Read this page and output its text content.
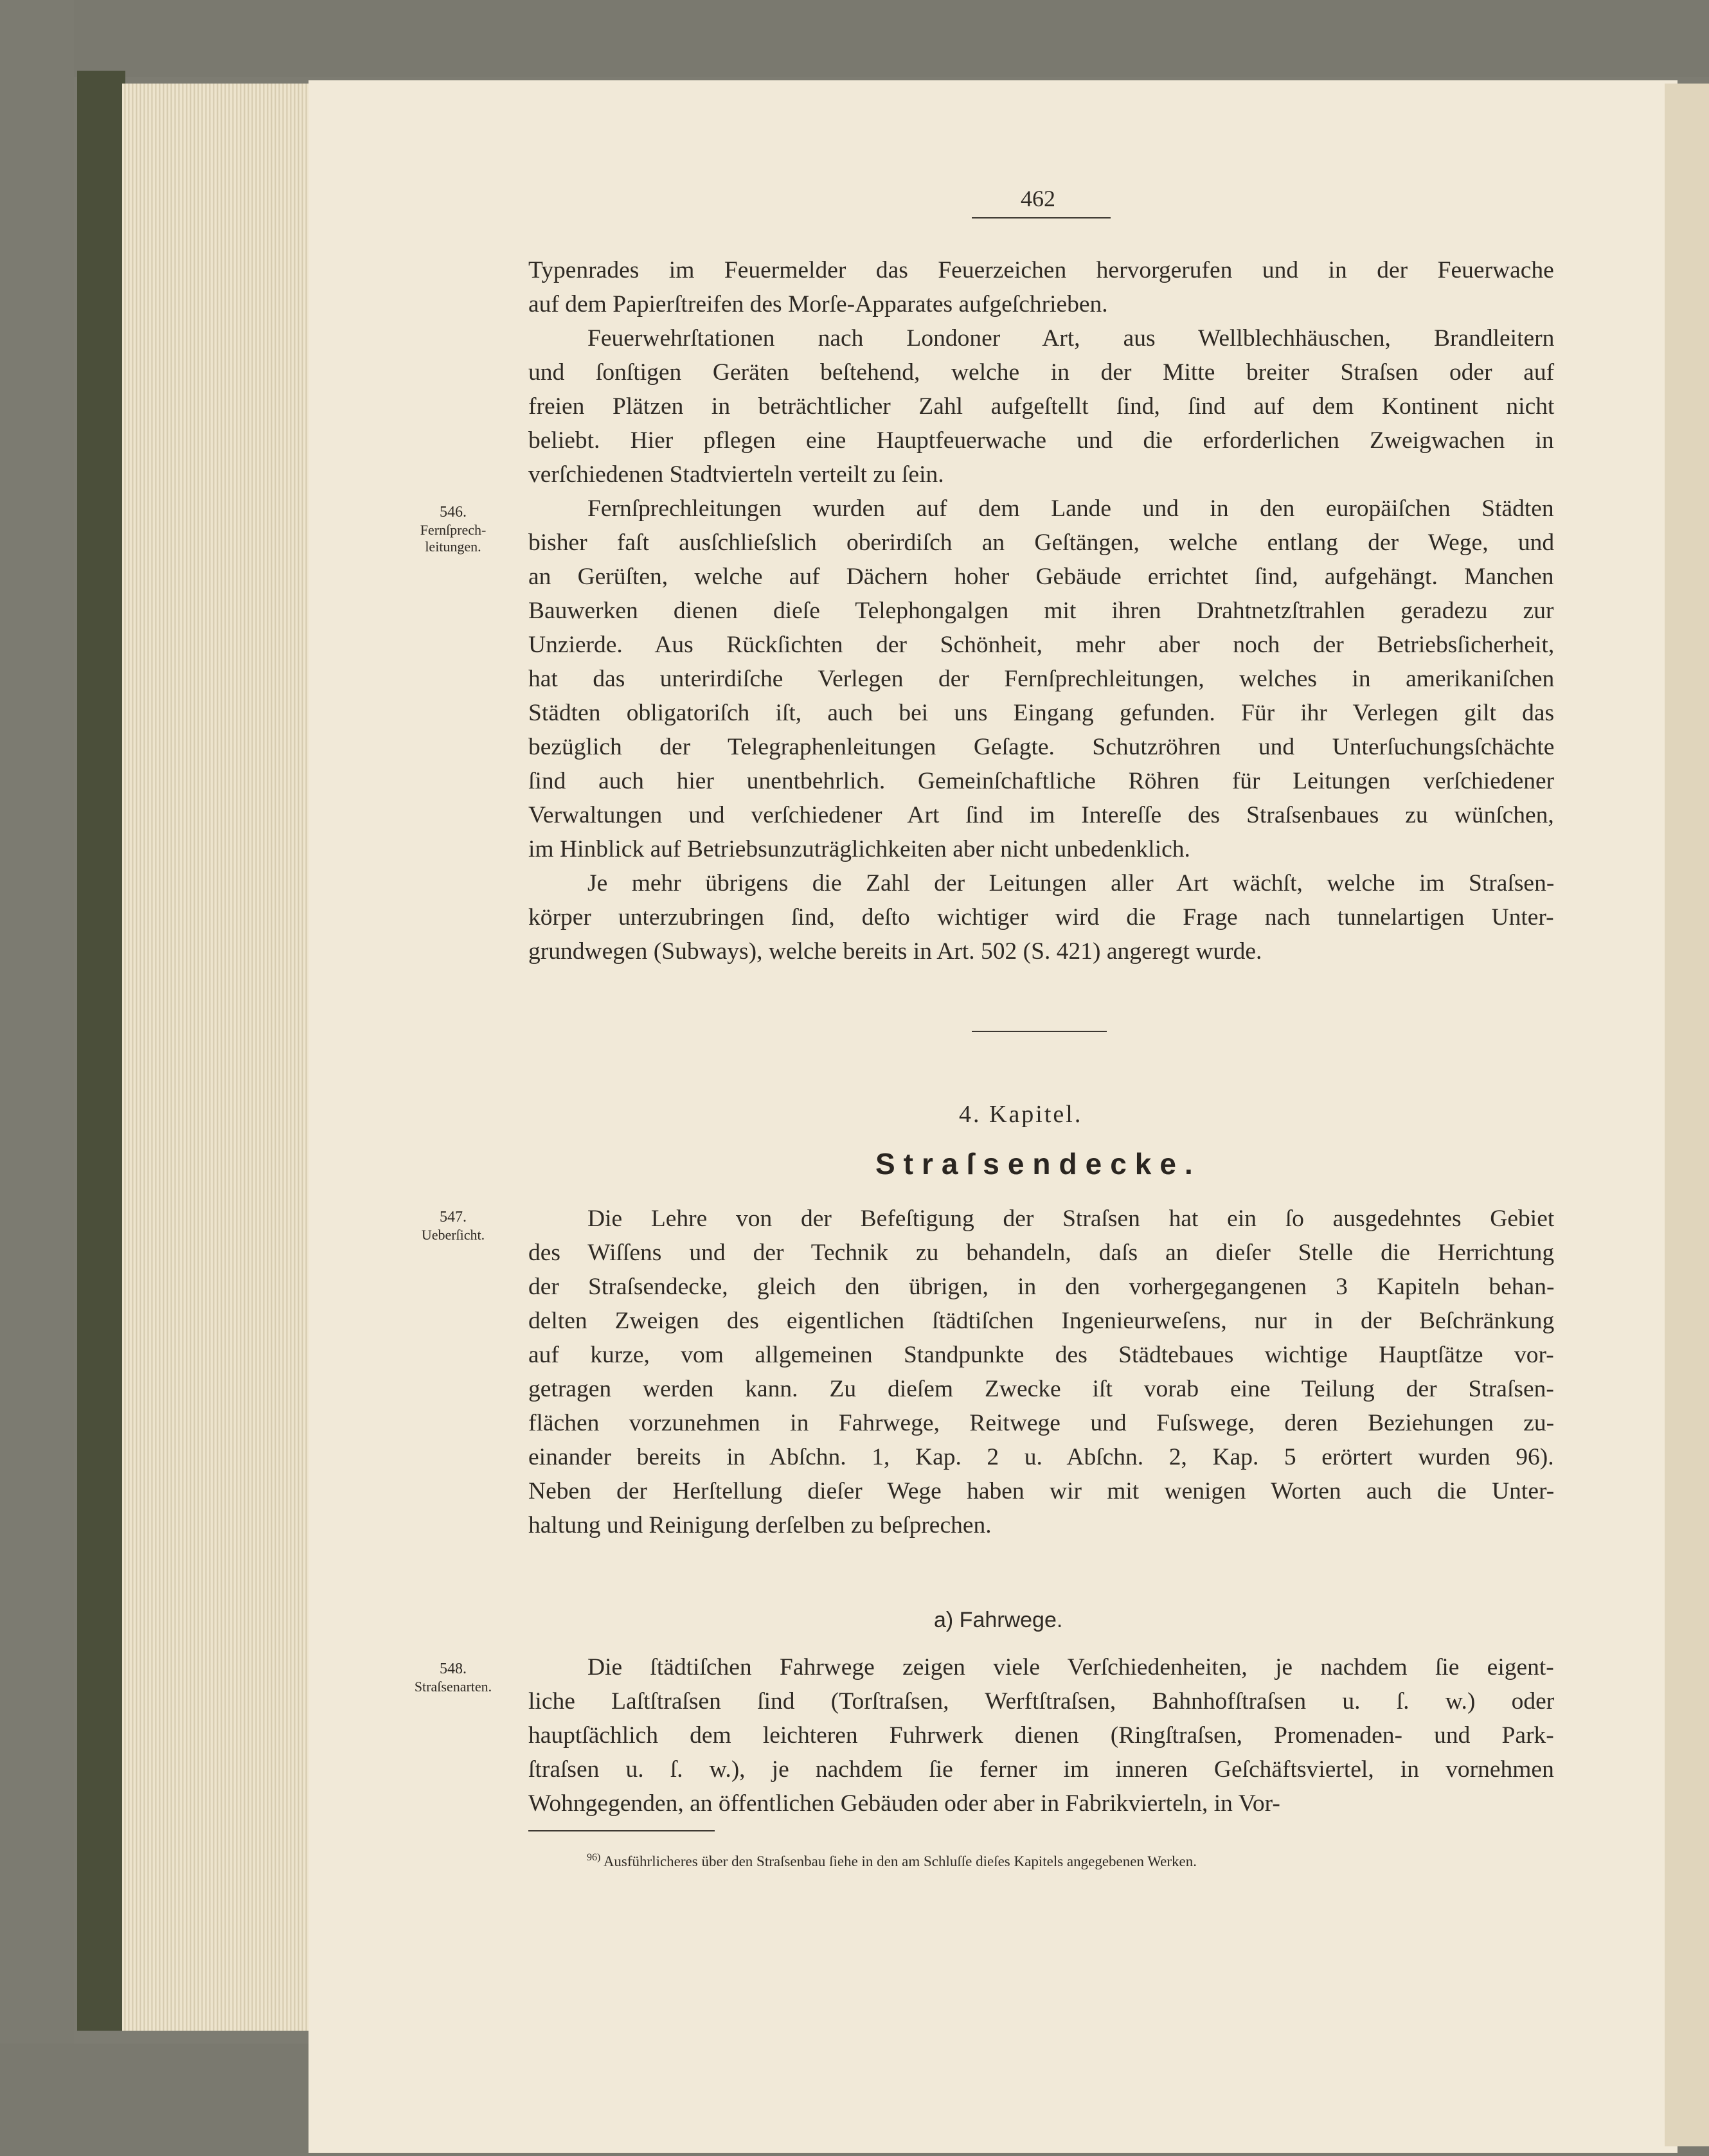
462
Typenrades im Feuermelder das Feuerzeichen hervorgerufen und in der Feuerwache
auf dem Papierſtreifen des Morſe-Apparates aufgeſchrieben.
Feuerwehrſtationen nach Londoner Art, aus Wellblechhäuschen, Brandleitern
und ſonſtigen Geräten beſtehend, welche in der Mitte breiter Straſsen oder auf
freien Plätzen in beträchtlicher Zahl aufgeſtellt ſind, ſind auf dem Kontinent nicht
beliebt. Hier pflegen eine Hauptfeuerwache und die erforderlichen Zweigwachen in
verſchiedenen Stadtvierteln verteilt zu ſein.
Fernſprechleitungen wurden auf dem Lande und in den europäiſchen Städten
bisher faſt ausſchlieſslich oberirdiſch an Geſtängen, welche entlang der Wege, und
an Gerüſten, welche auf Dächern hoher Gebäude errichtet ſind, aufgehängt. Manchen
Bauwerken dienen dieſe Telephongalgen mit ihren Drahtnetzſtrahlen geradezu zur
Unzierde. Aus Rückſichten der Schönheit, mehr aber noch der Betriebsſicherheit,
hat das unterirdiſche Verlegen der Fernſprechleitungen, welches in amerikaniſchen
Städten obligatoriſch iſt, auch bei uns Eingang gefunden. Für ihr Verlegen gilt das
bezüglich der Telegraphenleitungen Geſagte. Schutzröhren und Unterſuchungsſchächte
ſind auch hier unentbehrlich. Gemeinſchaftliche Röhren für Leitungen verſchiedener
Verwaltungen und verſchiedener Art ſind im Intereſſe des Straſsenbaues zu wünſchen,
im Hinblick auf Betriebsunzuträglichkeiten aber nicht unbedenklich.
Je mehr übrigens die Zahl der Leitungen aller Art wächſt, welche im Straſsen-
körper unterzubringen ſind, deſto wichtiger wird die Frage nach tunnelartigen Unter-
grundwegen (Subways), welche bereits in Art. 502 (S. 421) angeregt wurde.
Die Lehre von der Befeſtigung der Straſsen hat ein ſo ausgedehntes Gebiet
des Wiſſens und der Technik zu behandeln, daſs an dieſer Stelle die Herrichtung
der Straſsendecke, gleich den übrigen, in den vorhergegangenen 3 Kapiteln behan-
delten Zweigen des eigentlichen ſtädtiſchen Ingenieurweſens, nur in der Beſchränkung
auf kurze, vom allgemeinen Standpunkte des Städtebaues wichtige Hauptſätze vor-
getragen werden kann. Zu dieſem Zwecke iſt vorab eine Teilung der Straſsen-
flächen vorzunehmen in Fahrwege, Reitwege und Fuſswege, deren Beziehungen zu-
einander bereits in Abſchn. 1, Kap. 2 u. Abſchn. 2, Kap. 5 erörtert wurden 96).
Neben der Herſtellung dieſer Wege haben wir mit wenigen Worten auch die Unter-
haltung und Reinigung derſelben zu beſprechen.
Die ſtädtiſchen Fahrwege zeigen viele Verſchiedenheiten, je nachdem ſie eigent-
liche Laſtſtraſsen ſind (Torſtraſsen, Werftſtraſsen, Bahnhofſtraſsen u. ſ. w.) oder
hauptſächlich dem leichteren Fuhrwerk dienen (Ringſtraſsen, Promenaden- und Park-
ſtraſsen u. ſ. w.), je nachdem ſie ferner im inneren Geſchäftsviertel, in vornehmen
Wohngegenden, an öffentlichen Gebäuden oder aber in Fabrikvierteln, in Vor-
546.
Fernſprech-
leitungen.
547.
Ueberſicht.
548.
Straſsenarten.
4. Kapitel.
Straſsendecke.
a) Fahrwege.
$^{96)}$ Ausführlicheres über den Straſsenbau ſiehe in den am Schluſſe dieſes Kapitels angegebenen Werken.
